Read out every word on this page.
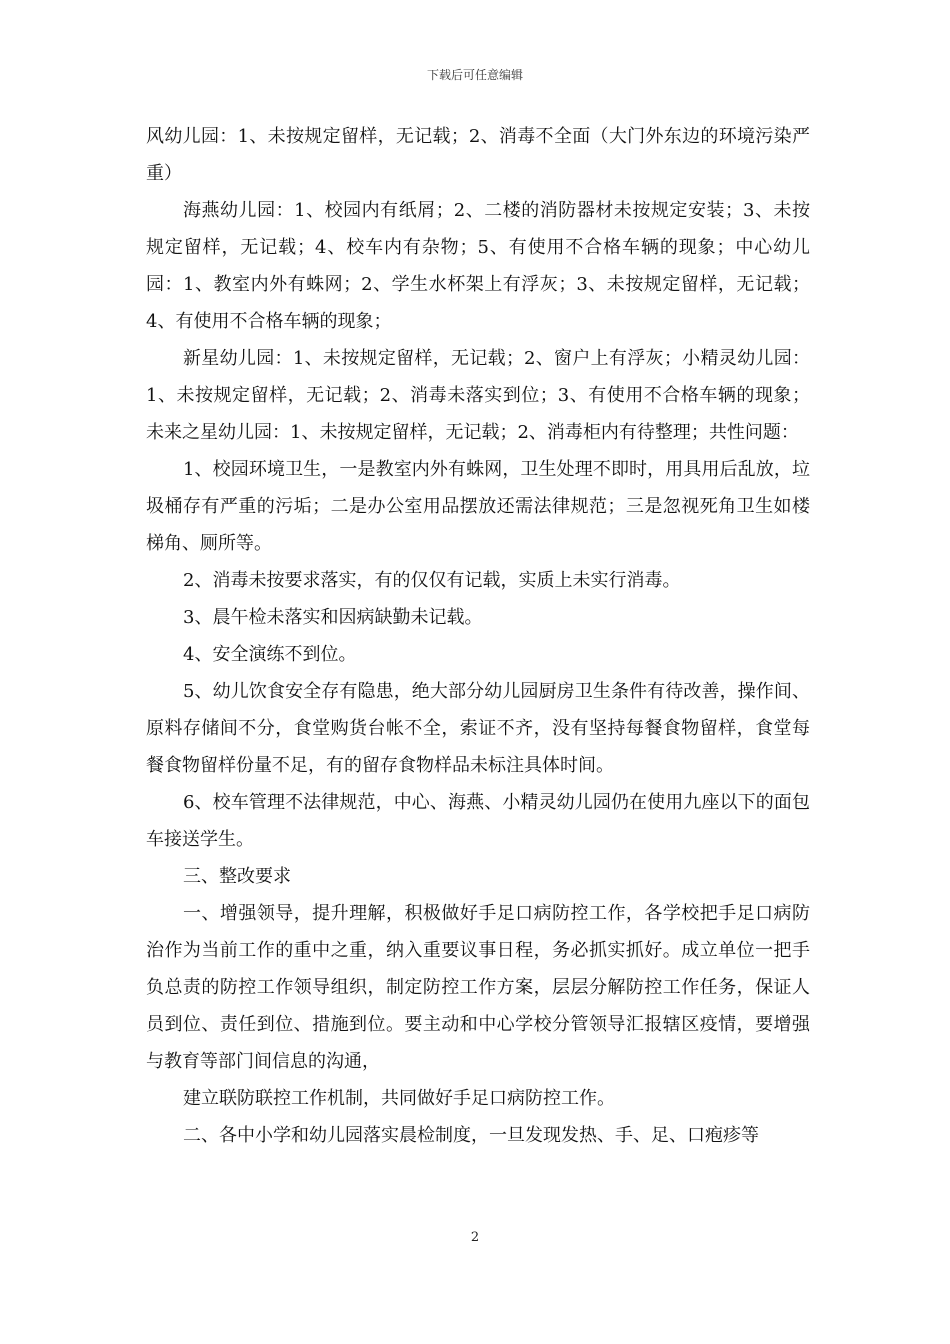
下载后可任意编辑

风幼儿园：1、未按规定留样，无记载；2、消毒不全面（大门外东边的环境污染严重）

海燕幼儿园：1、校园内有纸屑；2、二楼的消防器材未按规定安装；3、未按规定留样，无记载；4、校车内有杂物；5、有使用不合格车辆的现象；中心幼儿园：1、教室内外有蛛网；2、学生水杯架上有浮灰；3、未按规定留样，无记载；4、有使用不合格车辆的现象；

新星幼儿园：1、未按规定留样，无记载；2、窗户上有浮灰；小精灵幼儿园：1、未按规定留样，无记载；2、消毒未落实到位；3、有使用不合格车辆的现象；未来之星幼儿园：1、未按规定留样，无记载；2、消毒柜内有待整理；共性问题：

1、校园环境卫生，一是教室内外有蛛网，卫生处理不即时，用具用后乱放，垃圾桶存有严重的污垢；二是办公室用品摆放还需法律规范；三是忽视死角卫生如楼梯角、厕所等。

2、消毒未按要求落实，有的仅仅有记载，实质上未实行消毒。

3、晨午检未落实和因病缺勤未记载。

4、安全演练不到位。

5、幼儿饮食安全存有隐患，绝大部分幼儿园厨房卫生条件有待改善，操作间、原料存储间不分，食堂购货台帐不全，索证不齐，没有坚持每餐食物留样，食堂每餐食物留样份量不足，有的留存食物样品未标注具体时间。

6、校车管理不法律规范，中心、海燕、小精灵幼儿园仍在使用九座以下的面包车接送学生。

三、整改要求

一、增强领导，提升理解，积极做好手足口病防控工作，各学校把手足口病防治作为当前工作的重中之重，纳入重要议事日程，务必抓实抓好。成立单位一把手负总责的防控工作领导组织，制定防控工作方案，层层分解防控工作任务，保证人员到位、责任到位、措施到位。要主动和中心学校分管领导汇报辖区疫情，要增强与教育等部门间信息的沟通，

建立联防联控工作机制，共同做好手足口病防控工作。

二、各中小学和幼儿园落实晨检制度，一旦发现发热、手、足、口疱疹等

2
